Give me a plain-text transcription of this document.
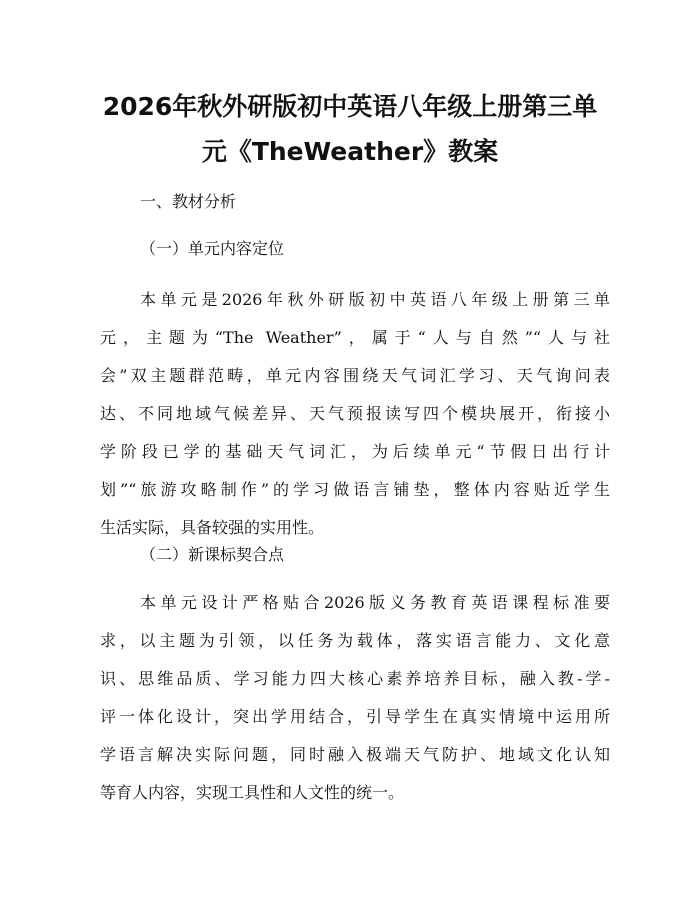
2026年秋外研版初中英语八年级上册第三单
元《TheWeather》教案

一、教材分析

（一）单元内容定位

本单元是2026年秋外研版初中英语八年级上册第三单
元，主题为“The Weather”，属于“人与自然”“人与社
会”双主题群范畴，单元内容围绕天气词汇学习、天气询问表
达、不同地域气候差异、天气预报读写四个模块展开，衔接小
学阶段已学的基础天气词汇，为后续单元“节假日出行计
划”“旅游攻略制作”的学习做语言铺垫，整体内容贴近学生
生活实际，具备较强的实用性。

（二）新课标契合点

本单元设计严格贴合2026版义务教育英语课程标准要
求，以主题为引领，以任务为载体，落实语言能力、文化意
识、思维品质、学习能力四大核心素养培养目标，融入教-学-
评一体化设计，突出学用结合，引导学生在真实情境中运用所
学语言解决实际问题，同时融入极端天气防护、地域文化认知
等育人内容，实现工具性和人文性的统一。
